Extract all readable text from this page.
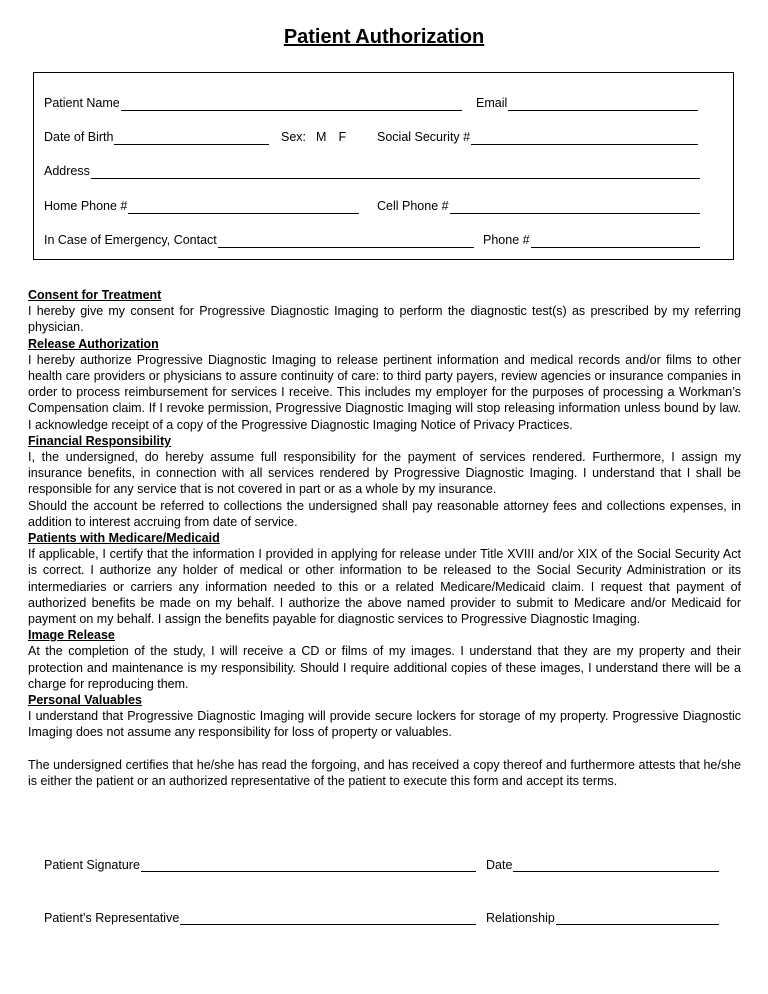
Patient Authorization
Patient Name	Email
Date of Birth	Sex: M F Social Security #
Address
Home Phone #	Cell Phone #
In Case of Emergency, Contact	Phone #
Consent for Treatment

I hereby give my consent for Progressive Diagnostic Imaging to perform the diagnostic test(s) as prescribed by my referring physician.

Release Authorization

I hereby authorize Progressive Diagnostic Imaging to release pertinent information and medical records and/or films to other health care providers or physicians to assure continuity of care: to third party payers, review agencies or insurance companies in order to process reimbursement for services I receive. This includes my employer for the purposes of processing a Workman’s Compensation claim. If I revoke permission, Progressive Diagnostic Imaging will stop releasing information unless bound by law. I acknowledge receipt of a copy of the Progressive Diagnostic Imaging Notice of Privacy Practices.

Financial Responsibility

I, the undersigned, do hereby assume full responsibility for the payment of services rendered. Furthermore, I assign my insurance benefits, in connection with all services rendered by Progressive Diagnostic Imaging. I understand that I shall be responsible for any service that is not covered in part or as a whole by my insurance.

Should the account be referred to collections the undersigned shall pay reasonable attorney fees and collections expenses, in addition to interest accruing from date of service.

Patients with Medicare/Medicaid

If applicable, I certify that the information I provided in applying for release under Title XVIII and/or XIX of the Social Security Act is correct. I authorize any holder of medical or other information to be released to the Social Security Administration or its intermediaries or carriers any information needed to this or a related Medicare/Medicaid claim. I request that payment of authorized benefits be made on my behalf. I authorize the above named provider to submit to Medicare and/or Medicaid for payment on my behalf. I assign the benefits payable for diagnostic services to Progressive Diagnostic Imaging.

Image Release

At the completion of the study, I will receive a CD or films of my images. I understand that they are my property and their protection and maintenance is my responsibility. Should I require additional copies of these images, I understand there will be a charge for reproducing them.

Personal Valuables

I understand that Progressive Diagnostic Imaging will provide secure lockers for storage of my property. Progressive Diagnostic Imaging does not assume any responsibility for loss of property or valuables.

The undersigned certifies that he/she has read the forgoing, and has received a copy thereof and furthermore attests that he/she is either the patient or an authorized representative of the patient to execute this form and accept its terms.

Patient Signature	Date
Patient’s Representative	Relationship
